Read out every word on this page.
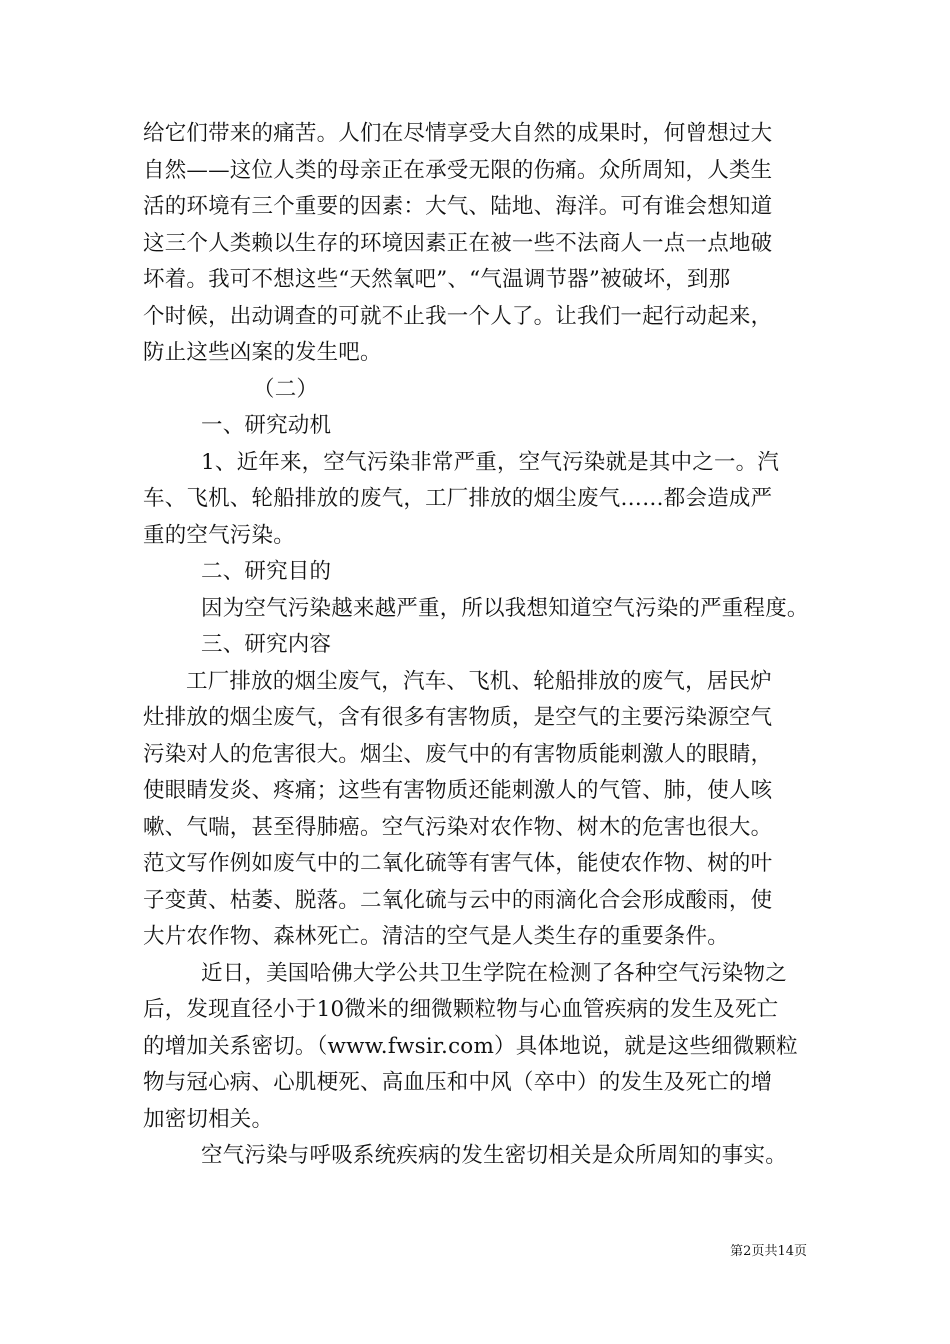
给它们带来的痛苦。人们在尽情享受大自然的成果时，何曾想过大
自然——这位人类的母亲正在承受无限的伤痛。众所周知，人类生
活的环境有三个重要的因素：大气、陆地、海洋。可有谁会想知道
这三个人类赖以生存的环境因素正在被一些不法商人一点一点地破
坏着。我可不想这些“天然氧吧”、“气温调节器”被破坏，到那
个时候，出动调查的可就不止我一个人了。让我们一起行动起来，
防止这些凶案的发生吧。
（二）
一、研究动机
1、近年来，空气污染非常严重，空气污染就是其中之一。汽
车、飞机、轮船排放的废气，工厂排放的烟尘废气……都会造成严
重的空气污染。
二、研究目的
因为空气污染越来越严重，所以我想知道空气污染的严重程度。
三、研究内容
工厂排放的烟尘废气，汽车、飞机、轮船排放的废气，居民炉
灶排放的烟尘废气，含有很多有害物质，是空气的主要污染源空气
污染对人的危害很大。烟尘、废气中的有害物质能刺激人的眼睛，
使眼睛发炎、疼痛；这些有害物质还能刺激人的气管、肺，使人咳
嗽、气喘，甚至得肺癌。空气污染对农作物、树木的危害也很大。
范文写作例如废气中的二氧化硫等有害气体，能使农作物、树的叶
子变黄、枯萎、脱落。二氧化硫与云中的雨滴化合会形成酸雨，使
大片农作物、森林死亡。清洁的空气是人类生存的重要条件。
近日，美国哈佛大学公共卫生学院在检测了各种空气污染物之
后，发现直径小于10微米的细微颗粒物与心血管疾病的发生及死亡
的增加关系密切。（www.fwsir.com）具体地说，就是这些细微颗粒
物与冠心病、心肌梗死、高血压和中风（卒中）的发生及死亡的增
加密切相关。
空气污染与呼吸系统疾病的发生密切相关是众所周知的事实。
第2页共14页
